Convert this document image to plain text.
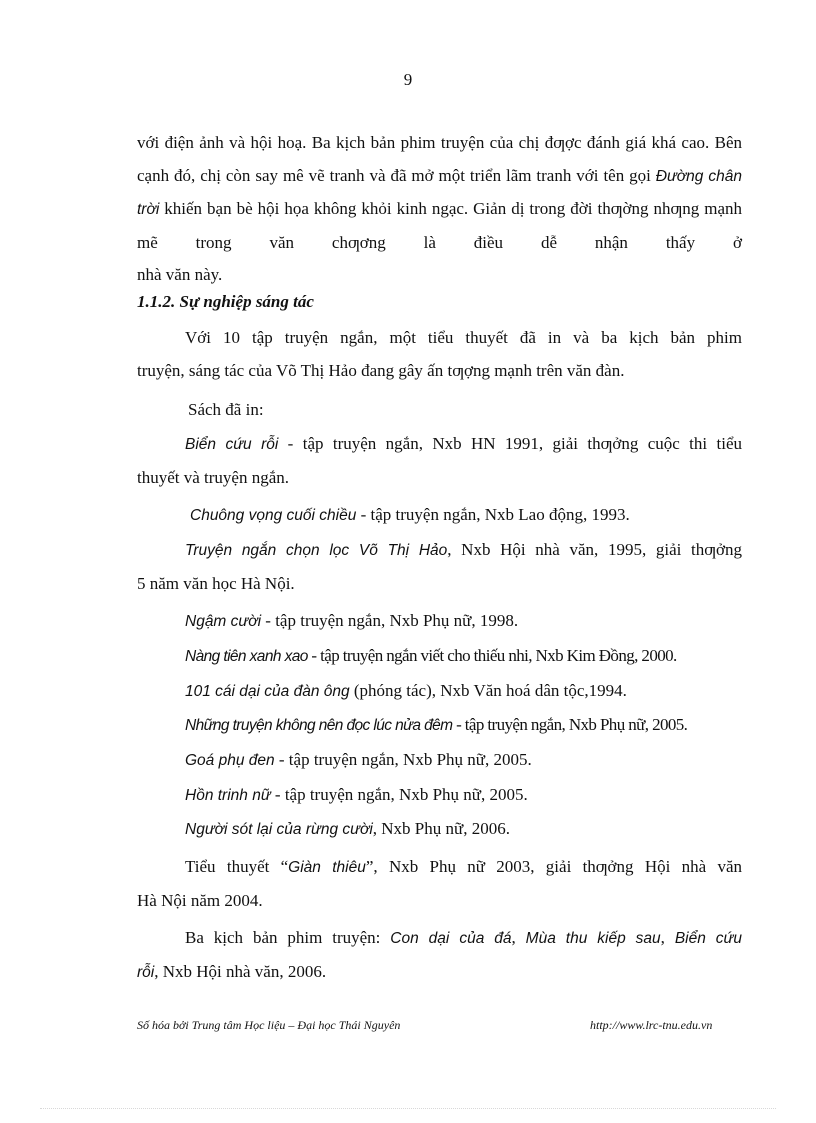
9

với điện ảnh và hội hoạ. Ba kịch bản phim truyện của chị đƣợc đánh giá khá cao. Bên cạnh đó, chị còn say mê vẽ tranh và đã mở một triển lãm tranh với tên gọi Đường chân trời khiến bạn bè hội họa không khỏi kinh ngạc. Giản dị trong đời thƣờng nhƣng mạnh mẽ trong văn chƣơng là điều dễ nhận thấy ở
nhà văn này.

1.1.2. Sự nghiệp sáng tác

Với 10 tập truyện ngắn, một tiểu thuyết đã in và ba kịch bản phim
truyện, sáng tác của Võ Thị Hảo đang gây ấn tƣợng mạnh trên văn đàn.

Sách đã in:

Biển cứu rỗi - tập truyện ngắn, Nxb HN 1991, giải thƣởng cuộc thi tiểu
thuyết và truyện ngắn.

Chuông vọng cuối chiều - tập truyện ngắn, Nxb Lao động, 1993.

Truyện ngắn chọn lọc Võ Thị Hảo, Nxb Hội nhà văn, 1995, giải thƣởng
5 năm văn học Hà Nội.

Ngậm cười - tập truyện ngắn, Nxb Phụ nữ, 1998.
Nàng tiên xanh xao - tập truyện ngắn viết cho thiếu nhi, Nxb Kim Đồng, 2000.
101 cái dại của đàn ông (phóng tác), Nxb Văn hoá dân tộc,1994.
Những truyện không nên đọc lúc nửa đêm - tập truyện ngắn, Nxb Phụ nữ, 2005.
Goá phụ đen - tập truyện ngắn, Nxb Phụ nữ, 2005.
Hồn trinh nữ - tập truyện ngắn, Nxb Phụ nữ, 2005.
Người sót lại của rừng cười, Nxb Phụ nữ, 2006.

Tiểu thuyết “Giàn thiêu”, Nxb Phụ nữ 2003, giải thƣởng Hội nhà văn
Hà Nội năm 2004.

Ba kịch bản phim truyện: Con dại của đá, Mùa thu kiếp sau, Biển cứu
rỗi, Nxb Hội nhà văn, 2006.

Số hóa bởi Trung tâm Học liệu – Đại học Thái Nguyên	http://www.lrc-tnu.edu.vn
